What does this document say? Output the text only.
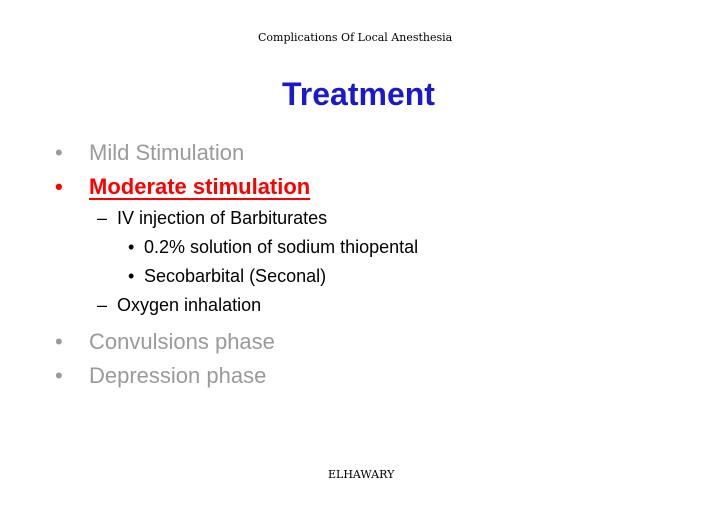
Complications Of Local Anesthesia
Treatment
• Mild Stimulation
• Moderate stimulation
– IV injection of Barbiturates
• 0.2% solution of sodium thiopental
• Secobarbital (Seconal)
– Oxygen inhalation
• Convulsions phase
• Depression phase
ELHAWARY
